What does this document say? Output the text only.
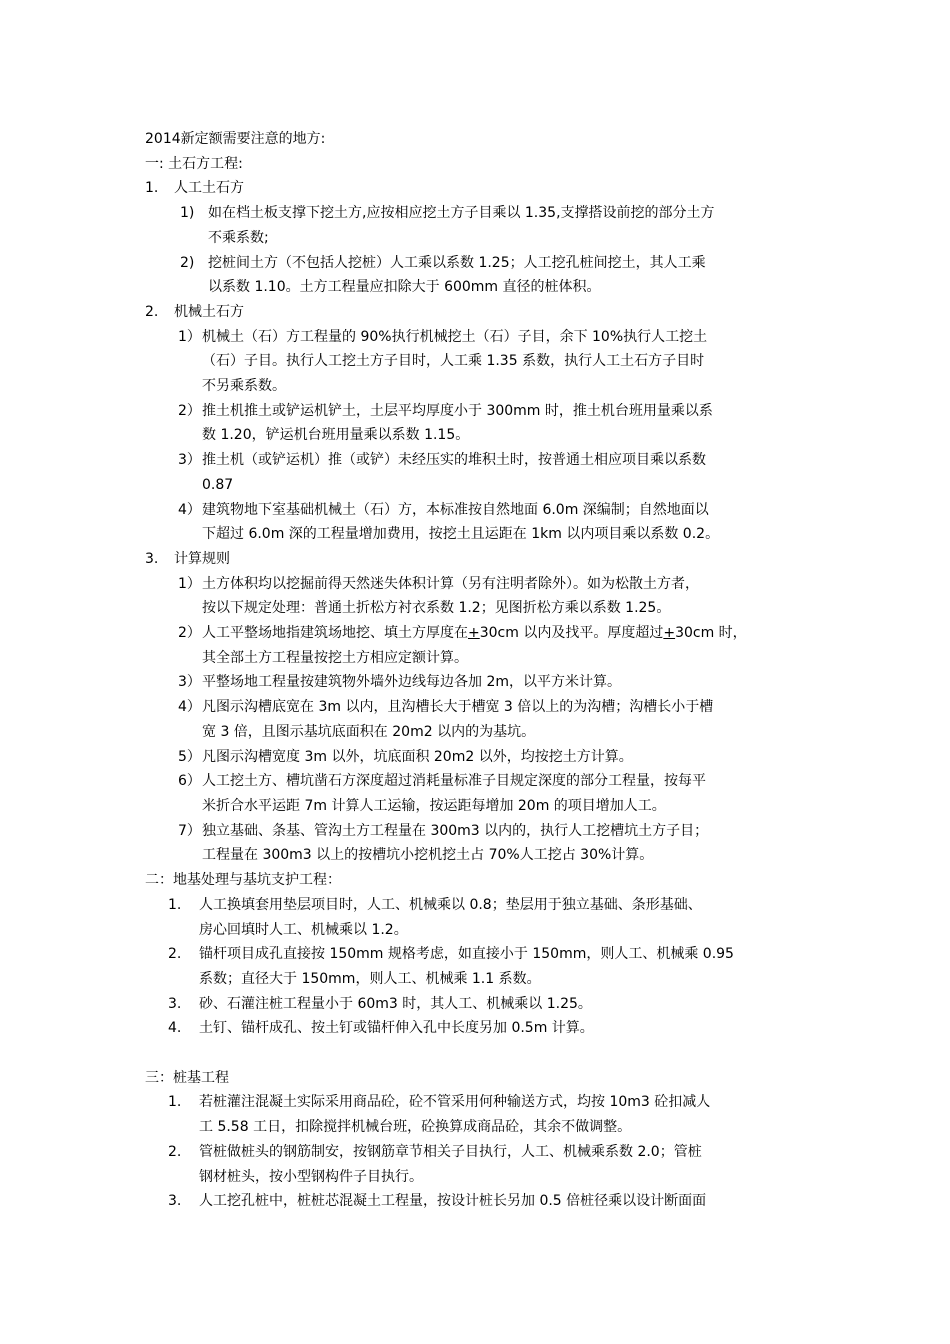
2014新定额需要注意的地方:
一: 土石方工程:
1.	人工土石方
1) 如在档土板支撑下挖土方,应按相应挖土方子目乘以 1.35,支撑搭设前挖的部分土方
不乘系数;
2) 挖桩间土方（不包括人挖桩）人工乘以系数 1.25；人工挖孔桩间挖土，其人工乘
以系数 1.10。土方工程量应扣除大于 600mm 直径的桩体积。
2.	机械土石方
1） 机械土（石）方工程量的 90%执行机械挖土（石）子目，余下 10%执行人工挖土
（石）子目。执行人工挖土方子目时，人工乘 1.35 系数，执行人工土石方子目时
不另乘系数。
2） 推土机推土或铲运机铲土，土层平均厚度小于 300mm 时，推土机台班用量乘以系
数 1.20，铲运机台班用量乘以系数 1.15。
3） 推土机（或铲运机）推（或铲）未经压实的堆积土时，按普通土相应项目乘以系数
0.87
4） 建筑物地下室基础机械土（石）方，本标准按自然地面 6.0m 深编制；自然地面以
下超过 6.0m 深的工程量增加费用，按挖土且运距在 1km 以内项目乘以系数 0.2。
3.	计算规则
1） 土方体积均以挖掘前得天然迷失体积计算（另有注明者除外）。如为松散土方者，
按以下规定处理：普通土折松方衬衣系数 1.2；见图折松方乘以系数 1.25。
2） 人工平整场地指建筑场地挖、填土方厚度在+30cm 以内及找平。厚度超过+30cm 时，
其全部土方工程量按挖土方相应定额计算。
3） 平整场地工程量按建筑物外墙外边线每边各加 2m，以平方米计算。
4） 凡图示沟槽底宽在 3m 以内，且沟槽长大于槽宽 3 倍以上的为沟槽；沟槽长小于槽
宽 3 倍，且图示基坑底面积在 20m2 以内的为基坑。
5） 凡图示沟槽宽度 3m 以外，坑底面积 20m2 以外，均按挖土方计算。
6） 人工挖土方、槽坑凿石方深度超过消耗量标准子目规定深度的部分工程量，按每平
米折合水平运距 7m 计算人工运输，按运距每增加 20m 的项目增加人工。
7） 独立基础、条基、管沟土方工程量在 300m3 以内的，执行人工挖槽坑土方子目；
工程量在 300m3 以上的按槽坑小挖机挖土占 70%人工挖占 30%计算。
二：地基处理与基坑支护工程：
1.	人工换填套用垫层项目时，人工、机械乘以 0.8；垫层用于独立基础、条形基础、
房心回填时人工、机械乘以 1.2。
2.	锚杆项目成孔直接按 150mm 规格考虑，如直接小于 150mm，则人工、机械乘 0.95
系数；直径大于 150mm，则人工、机械乘 1.1 系数。
3.	砂、石灌注桩工程量小于 60m3 时，其人工、机械乘以 1.25。
4.	土钉、锚杆成孔、按土钉或锚杆伸入孔中长度另加 0.5m 计算。
三：桩基工程
1.	若桩灌注混凝土实际采用商品砼，砼不管采用何种输送方式，均按 10m3 砼扣减人
工 5.58 工日，扣除搅拌机械台班，砼换算成商品砼，其余不做调整。
2.	管桩做桩头的钢筋制安，按钢筋章节相关子目执行，人工、机械乘系数 2.0；管桩
钢材桩头，按小型钢构件子目执行。
3.	人工挖孔桩中，桩桩芯混凝土工程量，按设计桩长另加 0.5 倍桩径乘以设计断面面
